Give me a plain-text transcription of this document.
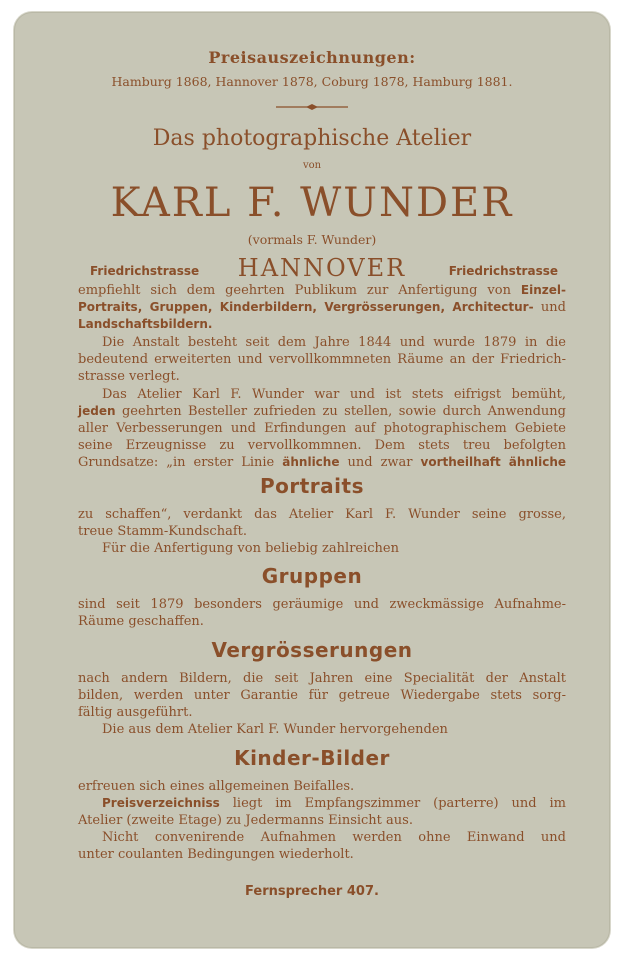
Preisauszeichnungen:
Hamburg 1868, Hannover 1878, Coburg 1878, Hamburg 1881.
Das photographische Atelier
von
KARL F. WUNDER
(vormals F. Wunder)
Friedrichstrasse	HANNOVER	Friedrichstrasse
empfiehlt sich dem geehrten Publikum zur Anfertigung von Einzel-
Portraits, Gruppen, Kinderbildern, Vergrösserungen, Architectur- und
Landschaftsbildern.
Die Anstalt besteht seit dem Jahre 1844 und wurde 1879 in die
bedeutend erweiterten und vervollkommneten Räume an der Friedrich-
strasse verlegt.
Das Atelier Karl F. Wunder war und ist stets eifrigst bemüht,
jeden geehrten Besteller zufrieden zu stellen, sowie durch Anwendung
aller Verbesserungen und Erfindungen auf photographischem Gebiete
seine Erzeugnisse zu vervollkommnen. Dem stets treu befolgten
Grundsatze: „in erster Linie ähnliche und zwar vortheilhaft ähnliche
Portraits
zu schaffen“, verdankt das Atelier Karl F. Wunder seine grosse,
treue Stamm-Kundschaft.
Für die Anfertigung von beliebig zahlreichen
Gruppen
sind seit 1879 besonders geräumige und zweckmässige Aufnahme-
Räume geschaffen.
Vergrösserungen
nach andern Bildern, die seit Jahren eine Specialität der Anstalt
bilden, werden unter Garantie für getreue Wiedergabe stets sorg-
fältig ausgeführt.
Die aus dem Atelier Karl F. Wunder hervorgehenden
Kinder-Bilder
erfreuen sich eines allgemeinen Beifalles.
Preisverzeichniss liegt im Empfangszimmer (parterre) und im
Atelier (zweite Etage) zu Jedermanns Einsicht aus.
Nicht convenirende Aufnahmen werden ohne Einwand und
unter coulanten Bedingungen wiederholt.
Fernsprecher 407.
